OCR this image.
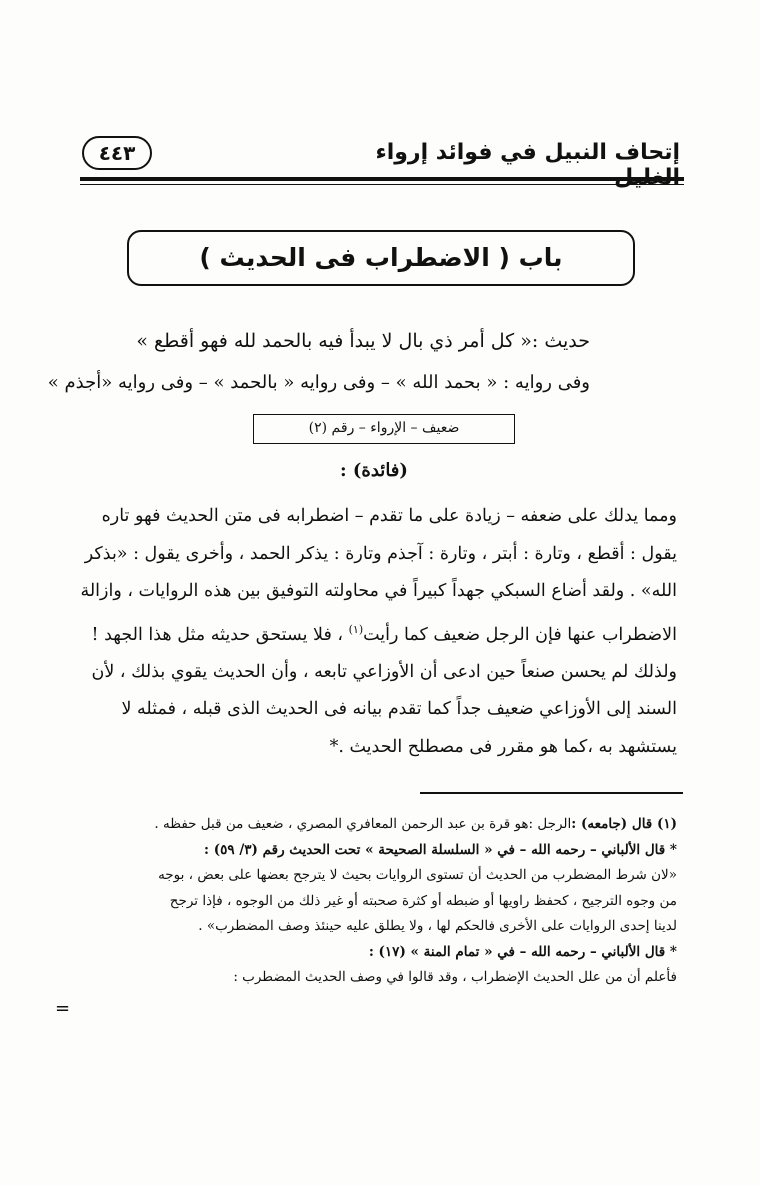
إتحاف النبيل في فوائد إرواء
٤٤٣
باب ( الاضطراب فى الحديث )
حديث :« كل أمر ذي بال لا يبدأ فيه بالحمد لله فهو أقطع »
وفى روايه : « بحمد الله » – وفى روايه « بالحمد » – وفى روايه «أجذم »
ضعيف – الإرواء – رقم (٢)
(فائدة) :

ومما يدلك على ضعفه – زيادة على ما تقدم – اضطرابه فى متن الحديث فهو تاره

يقول : أقطع ، وتارة : أبتر ، وتارة : آجذم وتارة : يذكر الحمد ، وأخرى يقول : «بذكر

الله» . ولقد أضاع السبكي جهداً كبيراً في محاولته التوفيق بين هذه الروايات ، وازالة

الاضطراب عنها فإن الرجل ضعيف كما رأيت$^{(١)}$ ، فلا يستحق حديثه مثل هذا الجهد !

ولذلك لم يحسن صنعاً حين ادعى أن الأوزاعي تابعه ، وأن الحديث يقوي بذلك ، لأن

السند إلى الأوزاعي ضعيف جداً كما تقدم بيانه فى الحديث الذى قبله ، فمثله لا

يستشهد به ،كما هو مقرر فى مصطلح الحديث .*

(١) قال (جامعه) :الرجل :هو قرة بن عبد الرحمن المعافري المصري ، ضعيف من قبل حفظه .

* قال الألباني – رحمه الله – في « السلسلة الصحيحة » تحت الحديث رقم (٣/ ٥٩) :

«لان شرط المضطرب من الحديث أن تستوى الروايات بحيث لا يترجح بعضها على بعض ، بوجه

من وجوه الترجيح ، كحفظ راويها أو ضبطه أو كثرة صحبته أو غير ذلك من الوجوه ، فإذا ترجح

لدينا إحدى الروايات على الأخرى فالحكم لها ، ولا يطلق عليه حينئذ وصف المضطرب» .

* قال الألباني – رحمه الله – في « تمام المنة » (١٧) :

فأعلم أن من علل الحديث الإضطراب ، وقد قالوا في وصف الحديث المضطرب :

=
